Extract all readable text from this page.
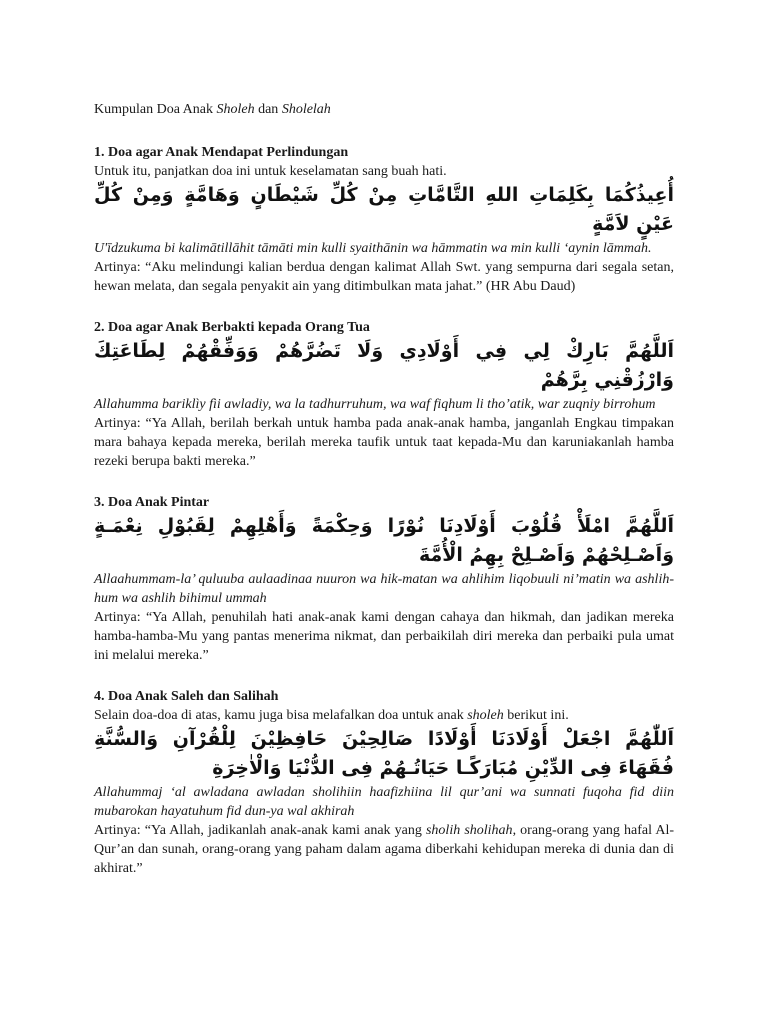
Kumpulan Doa Anak Sholeh dan Sholelah

1. Doa agar Anak Mendapat Perlindungan

Untuk itu, panjatkan doa ini untuk keselamatan sang buah hati.

أُعِيذُكُمَا بِكَلِمَاتِ اللهِ التَّامَّاتِ مِنْ كُلِّ شَيْطَانٍ وَهَامَّةٍ وَمِنْ كُلِّ عَيْنٍ لاَمَّةٍ

U'īdzukuma bi kalimātillāhit tāmāti min kulli syaithānin wa hāmmatin wa min kulli ‘aynin lāmmah.

Artinya: “Aku melindungi kalian berdua dengan kalimat Allah Swt. yang sempurna dari segala setan, hewan melata, dan segala penyakit ain yang ditimbulkan mata jahat.” (HR Abu Daud)

2. Doa agar Anak Berbakti kepada Orang Tua

اَللَّهُمَّ بَارِكْ لِي فِي أَوْلَادِي وَلَا تَضُرَّهُمْ وَوَفِّقْهُمْ لِطَاعَتِكَ وَارْزُقْنِي بِرَّهُمْ

Allahumma bariklìy fìi awladiy, wa la tadhurruhum, wa waf fiqhum li tho’atik, war zuqniy birrohum

Artinya: “Ya Allah, berilah berkah untuk hamba pada anak-anak hamba, janganlah Engkau timpakan mara bahaya kepada mereka, berilah mereka taufik untuk taat kepada-Mu dan karuniakanlah hamba rezeki berupa bakti mereka.”

3. Doa Anak Pintar

اَللَّهُمَّ امْلَأْ قُلُوْبَ أَوْلَادِنَا نُوْرًا وَحِكْمَةً وَأَهْلِهِمْ لِقَبُوْلِ نِعْمَـةٍ وَاَصْـلِحْهُمْ وَاَصْـلِحْ بِهِمُ الْأُمَّةَ

Allaahummam-la’ quluuba aulaadinaa nuuron wa hik-matan wa ahlihim liqobuuli ni’matin wa ashlih-hum wa ashlih bihimul ummah

Artinya: “Ya Allah, penuhilah hati anak-anak kami dengan cahaya dan hikmah, dan jadikan mereka hamba-hamba-Mu yang pantas menerima nikmat, dan perbaikilah diri mereka dan perbaiki pula umat ini melalui mereka.”

4. Doa Anak Saleh dan Salihah

Selain doa-doa di atas, kamu juga bisa melafalkan doa untuk anak sholeh berikut ini.

اَللّٰهُمَّ اجْعَلْ أَوْلَادَنَا أَوْلَادًا صَالِحِيْنَ حَافِظِيْنَ لِلْقُرْآنِ وَالسُّنَّةِ فُقَهَاءَ فِى الدِّيْنِ مُبَارَكًـا حَيَاتُـهُمْ فِى الدُّنْيَا وَالْاٰخِرَةِ

Allahummaj ‘al awladana awladan sholihiin haafizhiina lil qur’ani wa sunnati fuqoha fid diin mubarokan hayatuhum fid dun-ya wal akhirah

Artinya: “Ya Allah, jadikanlah anak-anak kami anak yang sholih sholihah, orang-orang yang hafal Al-Qur’an dan sunah, orang-orang yang paham dalam agama diberkahi kehidupan mereka di dunia dan di akhirat.”
